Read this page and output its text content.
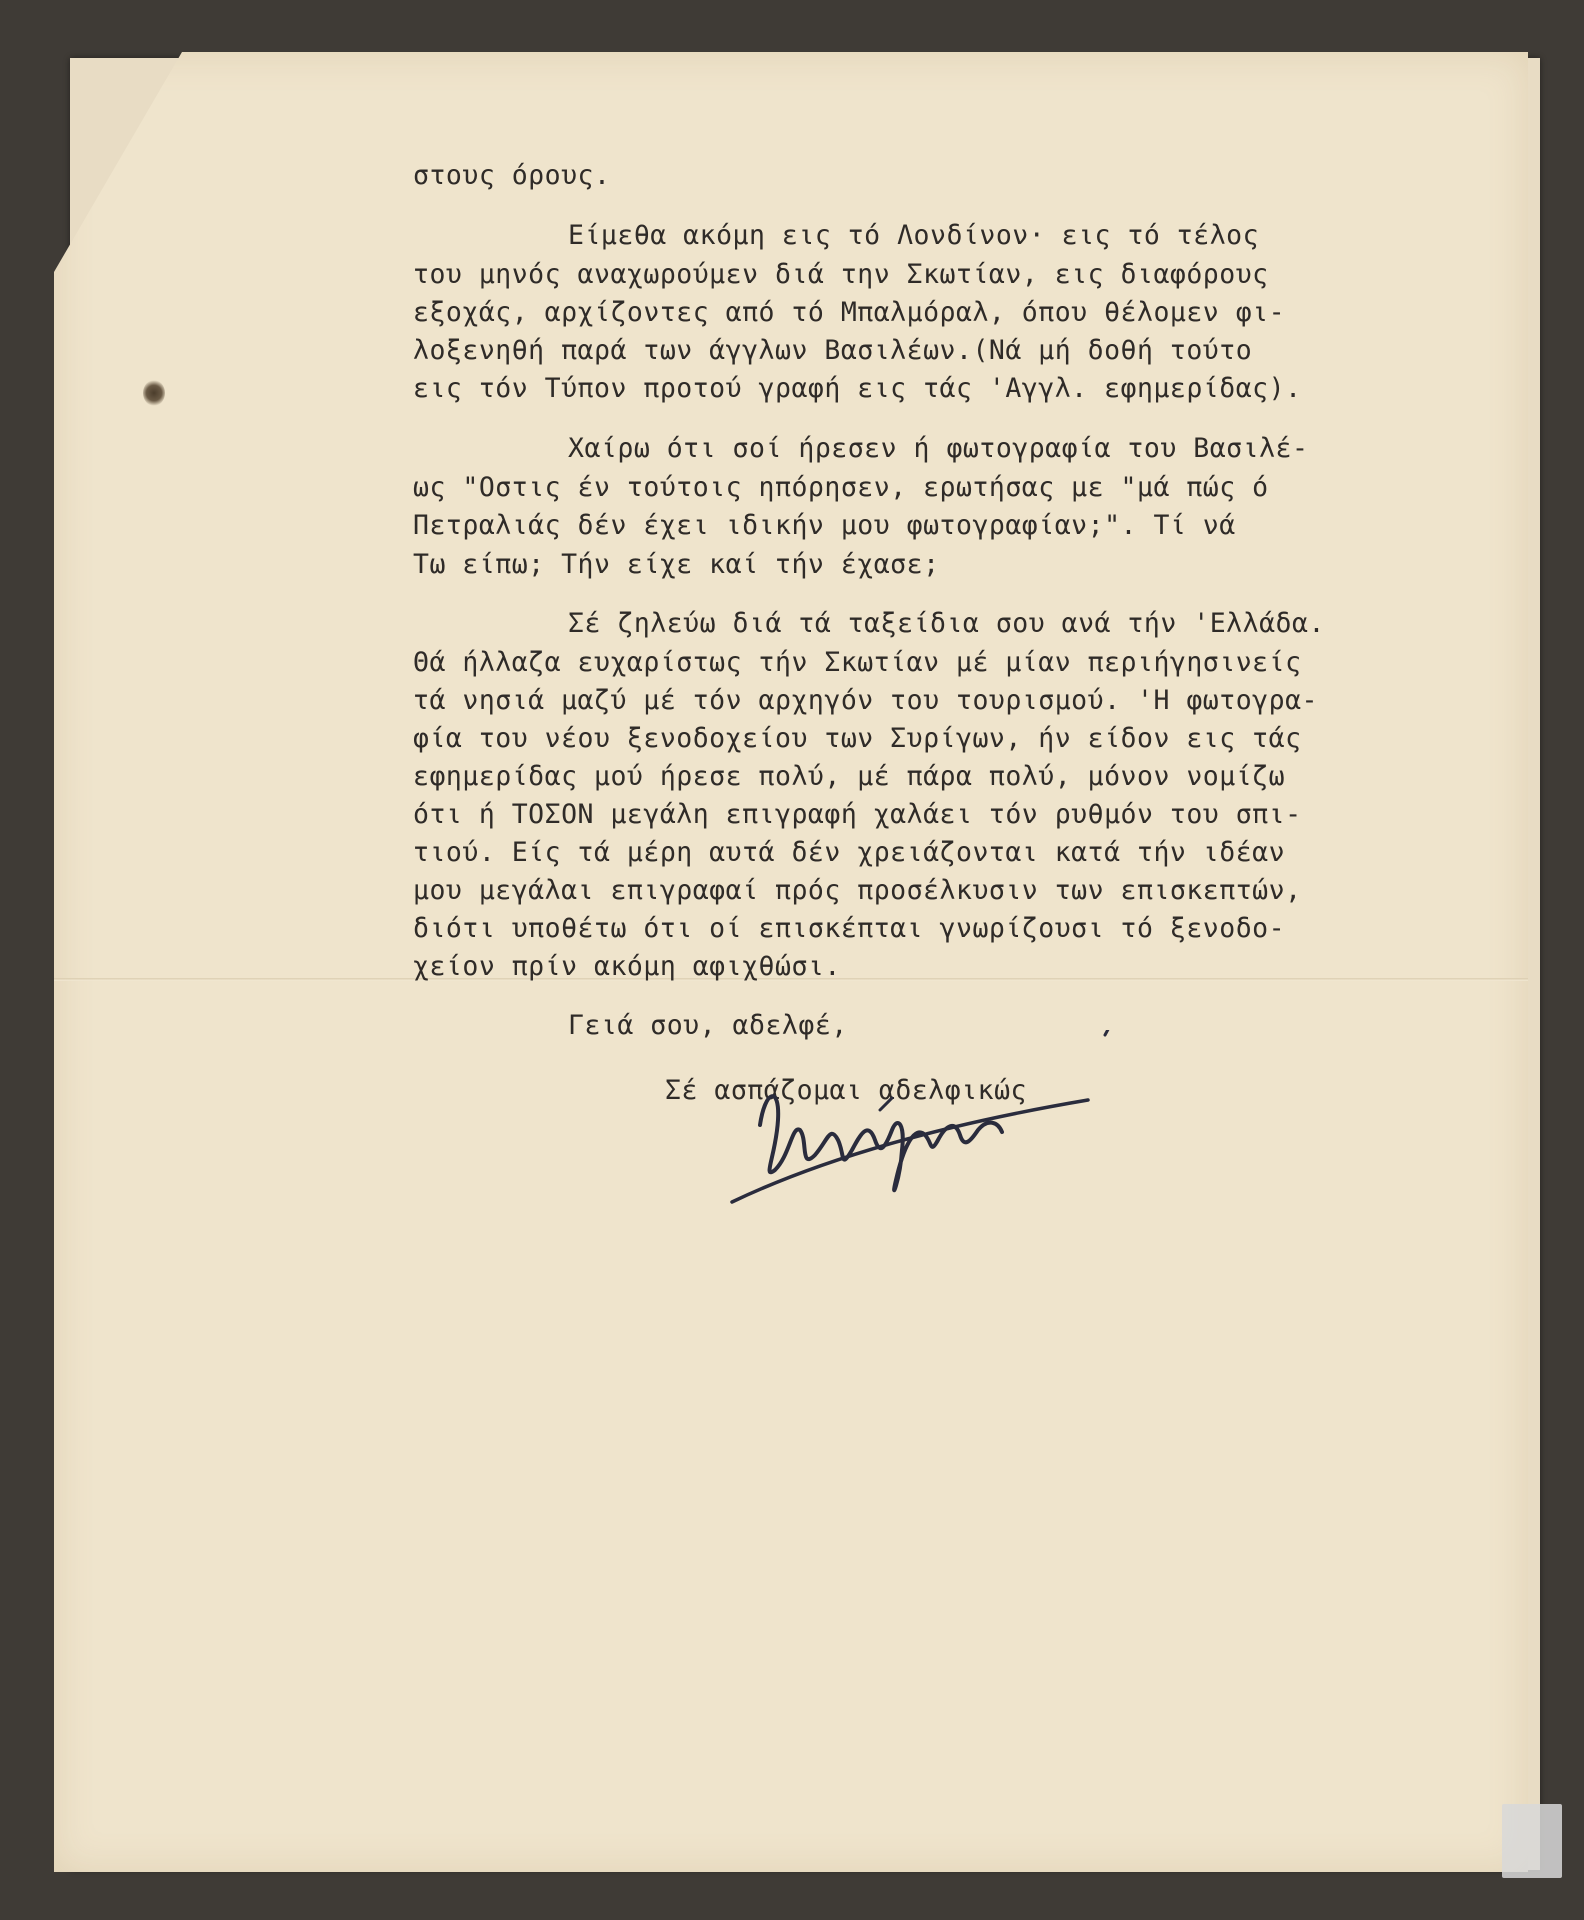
στους όρους.

Είμεθα ακόμη εις τό Λονδίνον· εις τό τέλος

του μηνός αναχωρούμεν διά την Σκωτίαν, εις διαφόρους

εξοχάς, αρχίζοντες από τό Μπαλμόραλ, όπου θέλομεν φι-

λοξενηθή παρά των άγγλων Βασιλέων.(Νά μή δοθή τούτο

εις τόν Τύπον προτού γραφή εις τάς 'Αγγλ. εφημερίδας).

Χαίρω ότι σοί ήρεσεν ή φωτογραφία του Βασιλέ-

ως "Οστις έν τούτοις ηπόρησεν, ερωτήσας με "μά πώς ό

Πετραλιάς δέν έχει ιδικήν μου φωτογραφίαν;". Τί νά

Τω είπω; Τήν είχε καί τήν έχασε;

Σέ ζηλεύω διά τά ταξείδια σου ανά τήν 'Ελλάδα.

Θά ήλλαζα ευχαρίστως τήν Σκωτίαν μέ μίαν περιήγησινείς

τά νησιά μαζύ μέ τόν αρχηγόν του τουρισμού. 'Η φωτογρα-

φία του νέου ξενοδοχείου των Συρίγων, ήν είδον εις τάς

εφημερίδας μού ήρεσε πολύ, μέ πάρα πολύ, μόνον νομίζω

ότι ή ΤΟΣΟΝ μεγάλη επιγραφή χαλάει τόν ρυθμόν του σπι-

τιού. Είς τά μέρη αυτά δέν χρειάζονται κατά τήν ιδέαν

μου μεγάλαι επιγραφαί πρός προσέλκυσιν των επισκεπτών,

διότι υποθέτω ότι οί επισκέπται γνωρίζουσι τό ξενοδο-

χείον πρίν ακόμη αφιχθώσι.

Γειά σου, αδελφέ,

Σέ ασπάζομαι αδελφικώς
